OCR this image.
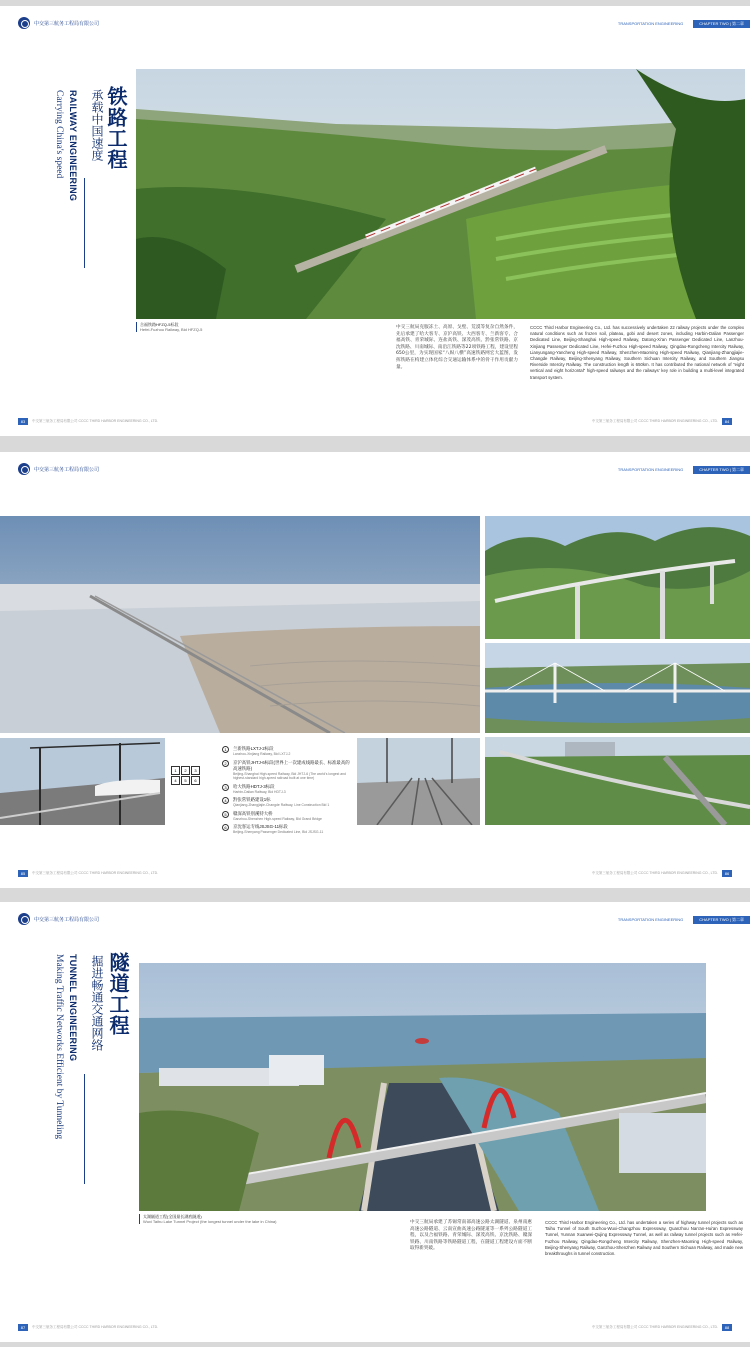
中交第三航务工程局有限公司	TRANSPORTATION ENGINEERING	CHAPTER TWO | 第二章
铁路工程
承载中国速度
RAILWAY ENGINEERING
Carrying China's speed
合福铁路HFZQ-5标段
Hefei-Fuzhou Railway, Bid HFZQ-5	中交三航局克服冻土、高原、戈壁、荒漠等复杂自然条件，先后承建了哈大客专、京沪高铁、大西客专、兰新客专、合福高铁、青荣城际、连盐高铁、深茂高铁、黔张常铁路、京沈铁路、川南城际、南沿江铁路等22项铁路工程，建设里程650公里，为实现国家“八纵八横”高速铁路网宏大蓝图，发挥铁路在构建立体化综合交通运输体系中的骨干作用贡献力量。

CCCC Third Harbor Engineering Co., Ltd. has successively undertaken 22 railway projects under the complex natural conditions such as frozen soil, plateau, gobi and desert zones, including Harbin-Dalian Passenger Dedicated Line, Beijing-Shanghai High-speed Railway, Datong-Xi'an Passenger Dedicated Line, Lanzhou-Xinjiang Passenger Dedicated Line, Hefei-Fuzhou High-speed Railway, Qingdao-Rongcheng Intercity Railway, Lianyungang-Yancheng High-speed Railway, Shenzhen-Maoming High-speed Railway, Qianjiang-Zhangjiajie-Changde Railway, Beijing-Shenyang Railway, Southern Sichuan Intercity Railway, and Southern Jiangsu Riverside Intercity Railway. The construction length is 650km. It has contributed the national network of "eight vertical and eight horizontal" high-speed railways and the railways' key role in building a multi-level integrated transport system.

83 中交第三航务工程局有限公司 CCCC THIRD HARBOR ENGINEERING CO., LTD.	中交第三航务工程局有限公司 CCCC THIRD HARBOR ENGINEERING CO., LTD. 84
中交第三航务工程局有限公司	TRANSPORTATION ENGINEERING	CHAPTER TWO | 第二章
1	2	3
4	5	6
1	兰新铁路LXTJ-2标段
Lanzhou-Xinjiang Railway, Bid LXTJ-2
2	京沪高铁JHTJ-6标段(世界上一次建成线路最长、标准最高的高速铁路)
Beijing-Shanghai High-speed Railway, Bid JHTJ-6 (The world's longest and highest-standard high-speed railroad built at one time)
3	哈大铁路HDTJ-3标段
Harbin-Dalian Railway, Bid HDTJ-3
4	黔张常铁路建设1标
Qianjiang-Zhangjiajie-Changde Railway, Line Construction Bid 1
5	赣深高铁别溪特大桥
Ganzhou-Shenzhen High-speed Railway, Bid Grand Bridge
6	京沈客运专线JSJSG-11标段
Beijing-Shenyang Passenger Dedicated Line, Bid JSJSG-11
85 中交第三航务工程局有限公司 CCCC THIRD HARBOR ENGINEERING CO., LTD.	中交第三航务工程局有限公司 CCCC THIRD HARBOR ENGINEERING CO., LTD. 86
中交第三航务工程局有限公司	TRANSPORTATION ENGINEERING	CHAPTER TWO | 第二章
隧道工程
掘进畅通交通网络
TUNNEL ENGINEERING
Making Traffic Networks Efficient by Tunneling
太湖隧道工程(全国最长湖底隧道)
Wuxi Taihu Lake Tunnel Project (the longest tunnel under the lake in China)	中交三航局承建了苏锡常南部高速公路太湖隧道、泉州南惠高速公路隧道、云南宣曲高速公路隧道等一系列公路隧道工程，以及合福铁路、青荣城际、深茂高铁、京沈铁路、赣深铁路、川南铁路等铁路隧道工程，在隧道工程建设方面不断取得新突破。

CCCC Third Harbor Engineering Co., Ltd. has undertaken a series of highway tunnel projects such as Taihu Tunnel of South Suzhou-Wuxi-Changzhou Expressway, Quanzhou Nan'an-Hui'an Expressway Tunnel, Yunnan Xuanwei-Qujing Expressway Tunnel, as well as railway tunnel projects such as Hefei-Fuzhou Railway, Qingdao-Rongcheng Intercity Railway, Shenzhen-Maoming High-speed Railway, Beijing-Shenyang Railway, Ganzhou-Shenzhen Railway and Southern Sichuan Railway, and made new breakthroughs in tunnel construction.

87 中交第三航务工程局有限公司 CCCC THIRD HARBOR ENGINEERING CO., LTD.	中交第三航务工程局有限公司 CCCC THIRD HARBOR ENGINEERING CO., LTD. 88
